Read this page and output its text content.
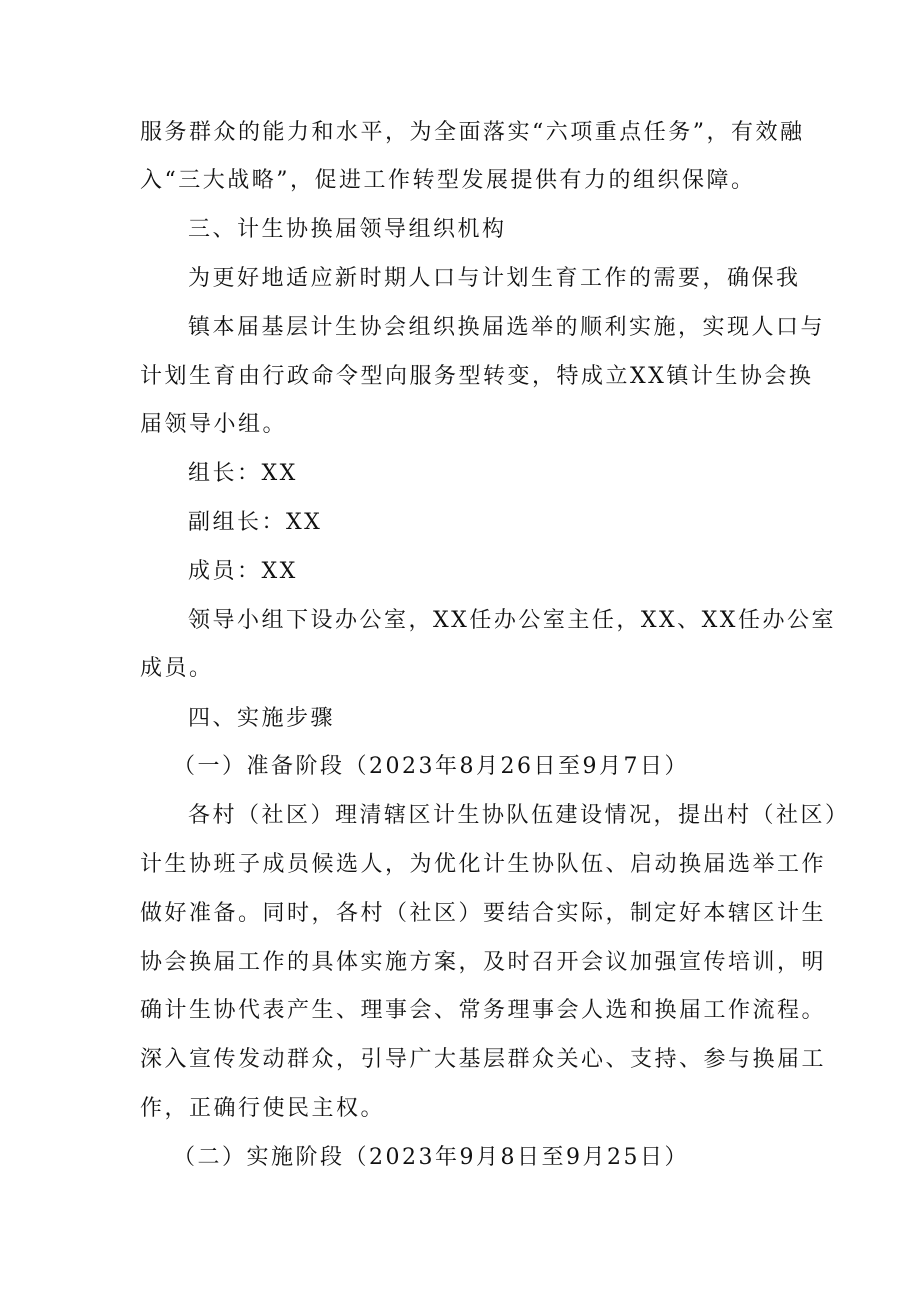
服务群众的能力和水平，为全面落实“六项重点任务”，有效融
入“三大战略”，促进工作转型发展提供有力的组织保障。
三、计生协换届领导组织机构
为更好地适应新时期人口与计划生育工作的需要，确保我
镇本届基层计生协会组织换届选举的顺利实施，实现人口与
计划生育由行政命令型向服务型转变，特成立XX镇计生协会换
届领导小组。
组长：XX
副组长：XX
成员：XX
领导小组下设办公室，XX任办公室主任，XX、XX任办公室
成员。
四、实施步骤
（一）准备阶段（2023年8月26日至9月7日）
各村（社区）理清辖区计生协队伍建设情况，提出村（社区）
计生协班子成员候选人，为优化计生协队伍、启动换届选举工作
做好准备。同时，各村（社区）要结合实际，制定好本辖区计生
协会换届工作的具体实施方案，及时召开会议加强宣传培训，明
确计生协代表产生、理事会、常务理事会人选和换届工作流程。
深入宣传发动群众，引导广大基层群众关心、支持、参与换届工
作，正确行使民主权。
（二）实施阶段（2023年9月8日至9月25日）
